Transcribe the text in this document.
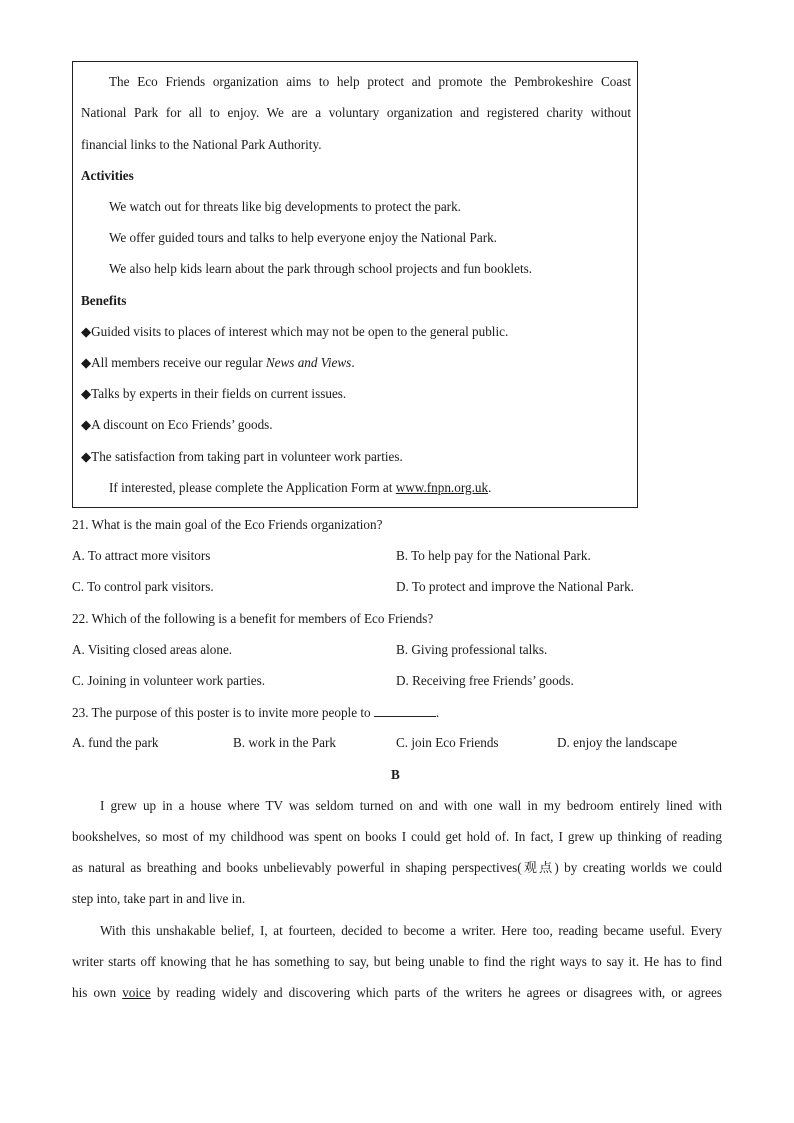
The Eco Friends organization aims to help protect and promote the Pembrokeshire Coast
National Park for all to enjoy. We are a voluntary organization and registered charity without
financial links to the National Park Authority.
Activities
We watch out for threats like big developments to protect the park.
We offer guided tours and talks to help everyone enjoy the National Park.
We also help kids learn about the park through school projects and fun booklets.
Benefits
◆Guided visits to places of interest which may not be open to the general public.
◆All members receive our regular News and Views.
◆Talks by experts in their fields on current issues.
◆A discount on Eco Friends’ goods.
◆The satisfaction from taking part in volunteer work parties.
If interested, please complete the Application Form at www.fnpn.org.uk.
21. What is the main goal of the Eco Friends organization?
A. To attract more visitors	B. To help pay for the National Park.
C. To control park visitors.	D. To protect and improve the National Park.
22. Which of the following is a benefit for members of Eco Friends?
A. Visiting closed areas alone.	B. Giving professional talks.
C. Joining in volunteer work parties.	D. Receiving free Friends’ goods.
23. The purpose of this poster is to invite more people to	.
A. fund the park	B. work in the Park	C. join Eco Friends	D. enjoy the landscape
B
I grew up in a house where TV was seldom turned on and with one wall in my bedroom entirely lined with
bookshelves, so most of my childhood was spent on books I could get hold of. In fact, I grew up thinking of reading
as natural as breathing and books unbelievably powerful in shaping perspectives(观点) by creating worlds we could
step into, take part in and live in.
With this unshakable belief, I, at fourteen, decided to become a writer. Here too, reading became useful. Every
writer starts off knowing that he has something to say, but being unable to find the right ways to say it. He has to find
his own voice by reading widely and discovering which parts of the writers he agrees or disagrees with, or agrees
